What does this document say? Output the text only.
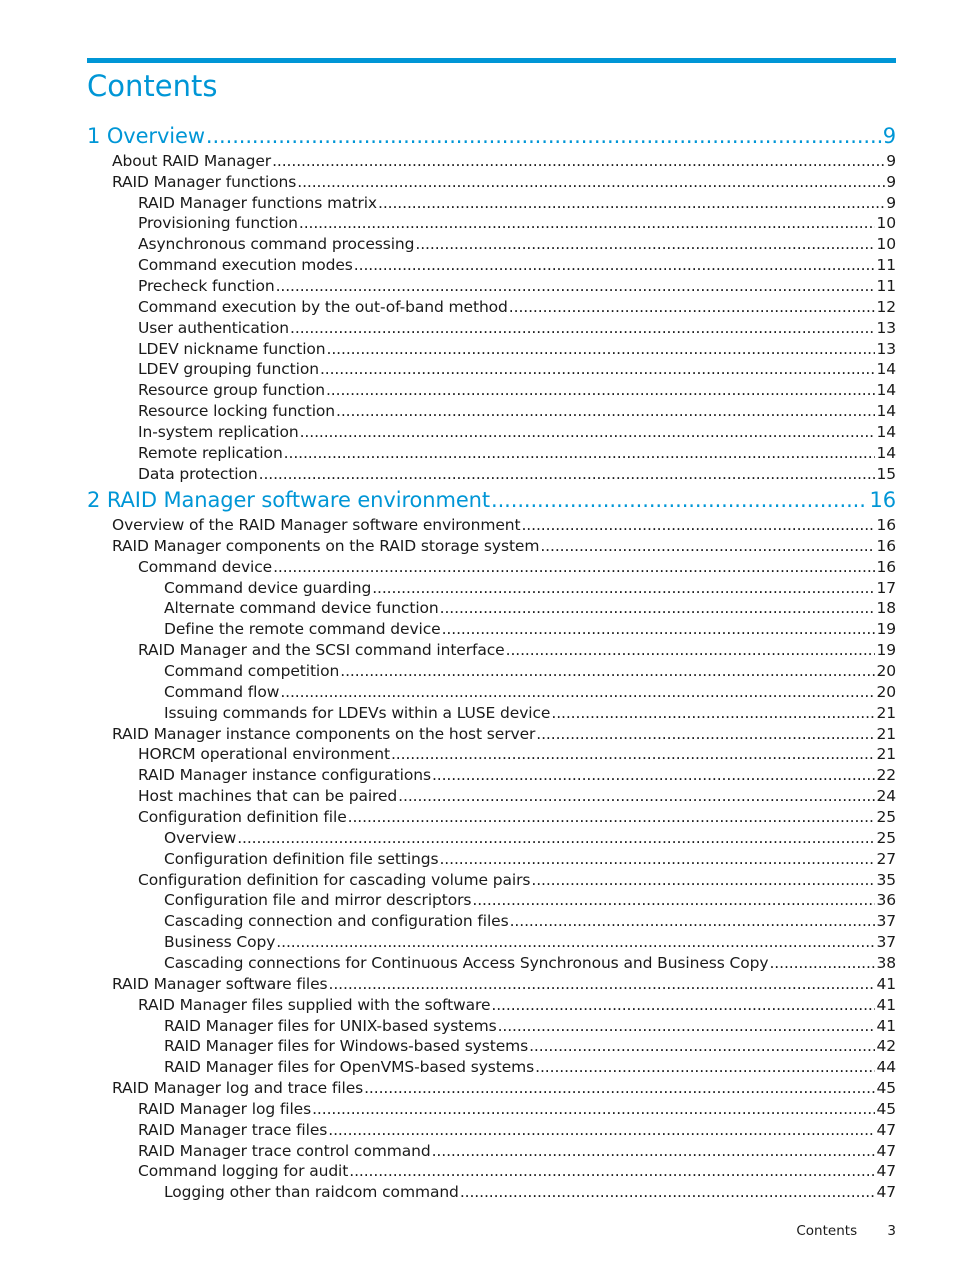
Contents
1 Overview .....	9
About RAID Manager .....	9
RAID Manager functions .....	9
RAID Manager functions matrix .....	9
Provisioning function .....	10
Asynchronous command processing .....	10
Command execution modes .....	11
Precheck function .....	11
Command execution by the out-of-band method .....	12
User authentication .....	13
LDEV nickname function .....	13
LDEV grouping function .....	14
Resource group function .....	14
Resource locking function .....	14
In-system replication .....	14
Remote replication .....	14
Data protection .....	15
2 RAID Manager software environment .....	16
Overview of the RAID Manager software environment .....	16
RAID Manager components on the RAID storage system .....	16
Command device .....	16
Command device guarding .....	17
Alternate command device function .....	18
Define the remote command device .....	19
RAID Manager and the SCSI command interface .....	19
Command competition .....	20
Command flow .....	20
Issuing commands for LDEVs within a LUSE device .....	21
RAID Manager instance components on the host server .....	21
HORCM operational environment .....	21
RAID Manager instance configurations .....	22
Host machines that can be paired .....	24
Configuration definition file .....	25
Overview .....	25
Configuration definition file settings .....	27
Configuration definition for cascading volume pairs .....	35
Configuration file and mirror descriptors .....	36
Cascading connection and configuration files .....	37
Business Copy .....	37
Cascading connections for Continuous Access Synchronous and Business Copy .....	38
RAID Manager software files .....	41
RAID Manager files supplied with the software .....	41
RAID Manager files for UNIX-based systems .....	41
RAID Manager files for Windows-based systems .....	42
RAID Manager files for OpenVMS-based systems .....	44
RAID Manager log and trace files .....	45
RAID Manager log files .....	45
RAID Manager trace files .....	47
RAID Manager trace control command .....	47
Command logging for audit .....	47
Logging other than raidcom command .....	47
Contents 3
